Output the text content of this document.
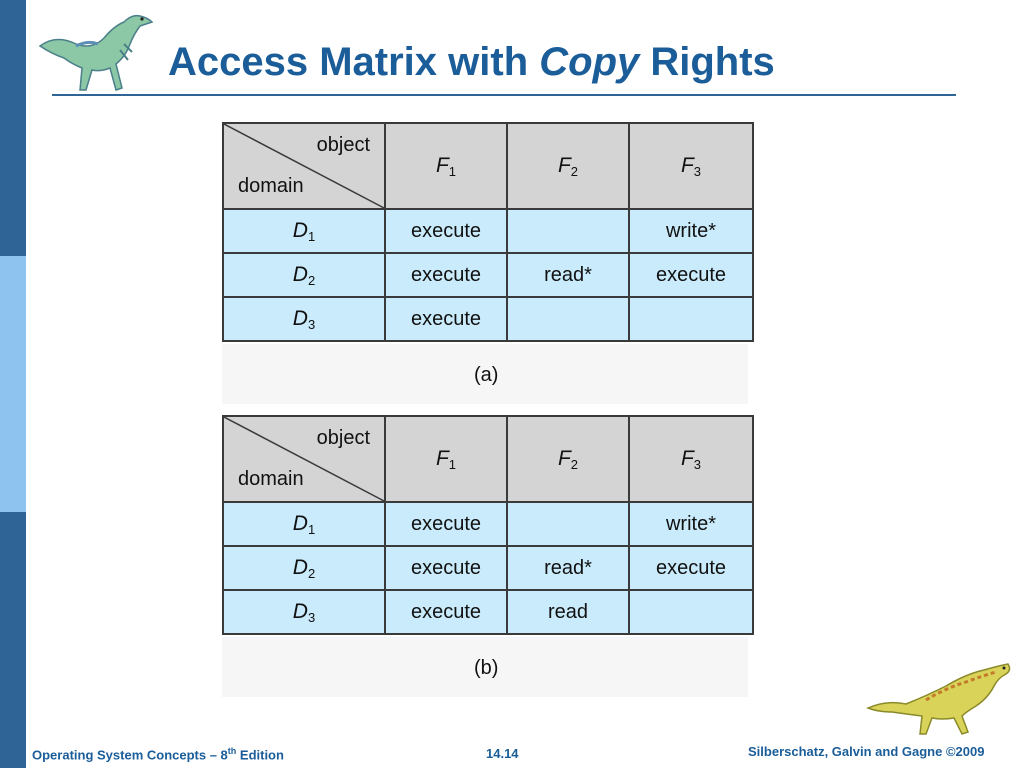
Access Matrix with Copy Rights
object
domain	$F_1$	$F_2$	$F_3$
$D_1$	execute		write*
$D_2$	execute	read*	execute
$D_3$	execute		
(a)
object
domain	$F_1$	$F_2$	$F_3$
$D_1$	execute		write*
$D_2$	execute	read*	execute
$D_3$	execute	read	
(b)
Operating System Concepts – 8th Edition	14.14	Silberschatz, Galvin and Gagne ©2009
